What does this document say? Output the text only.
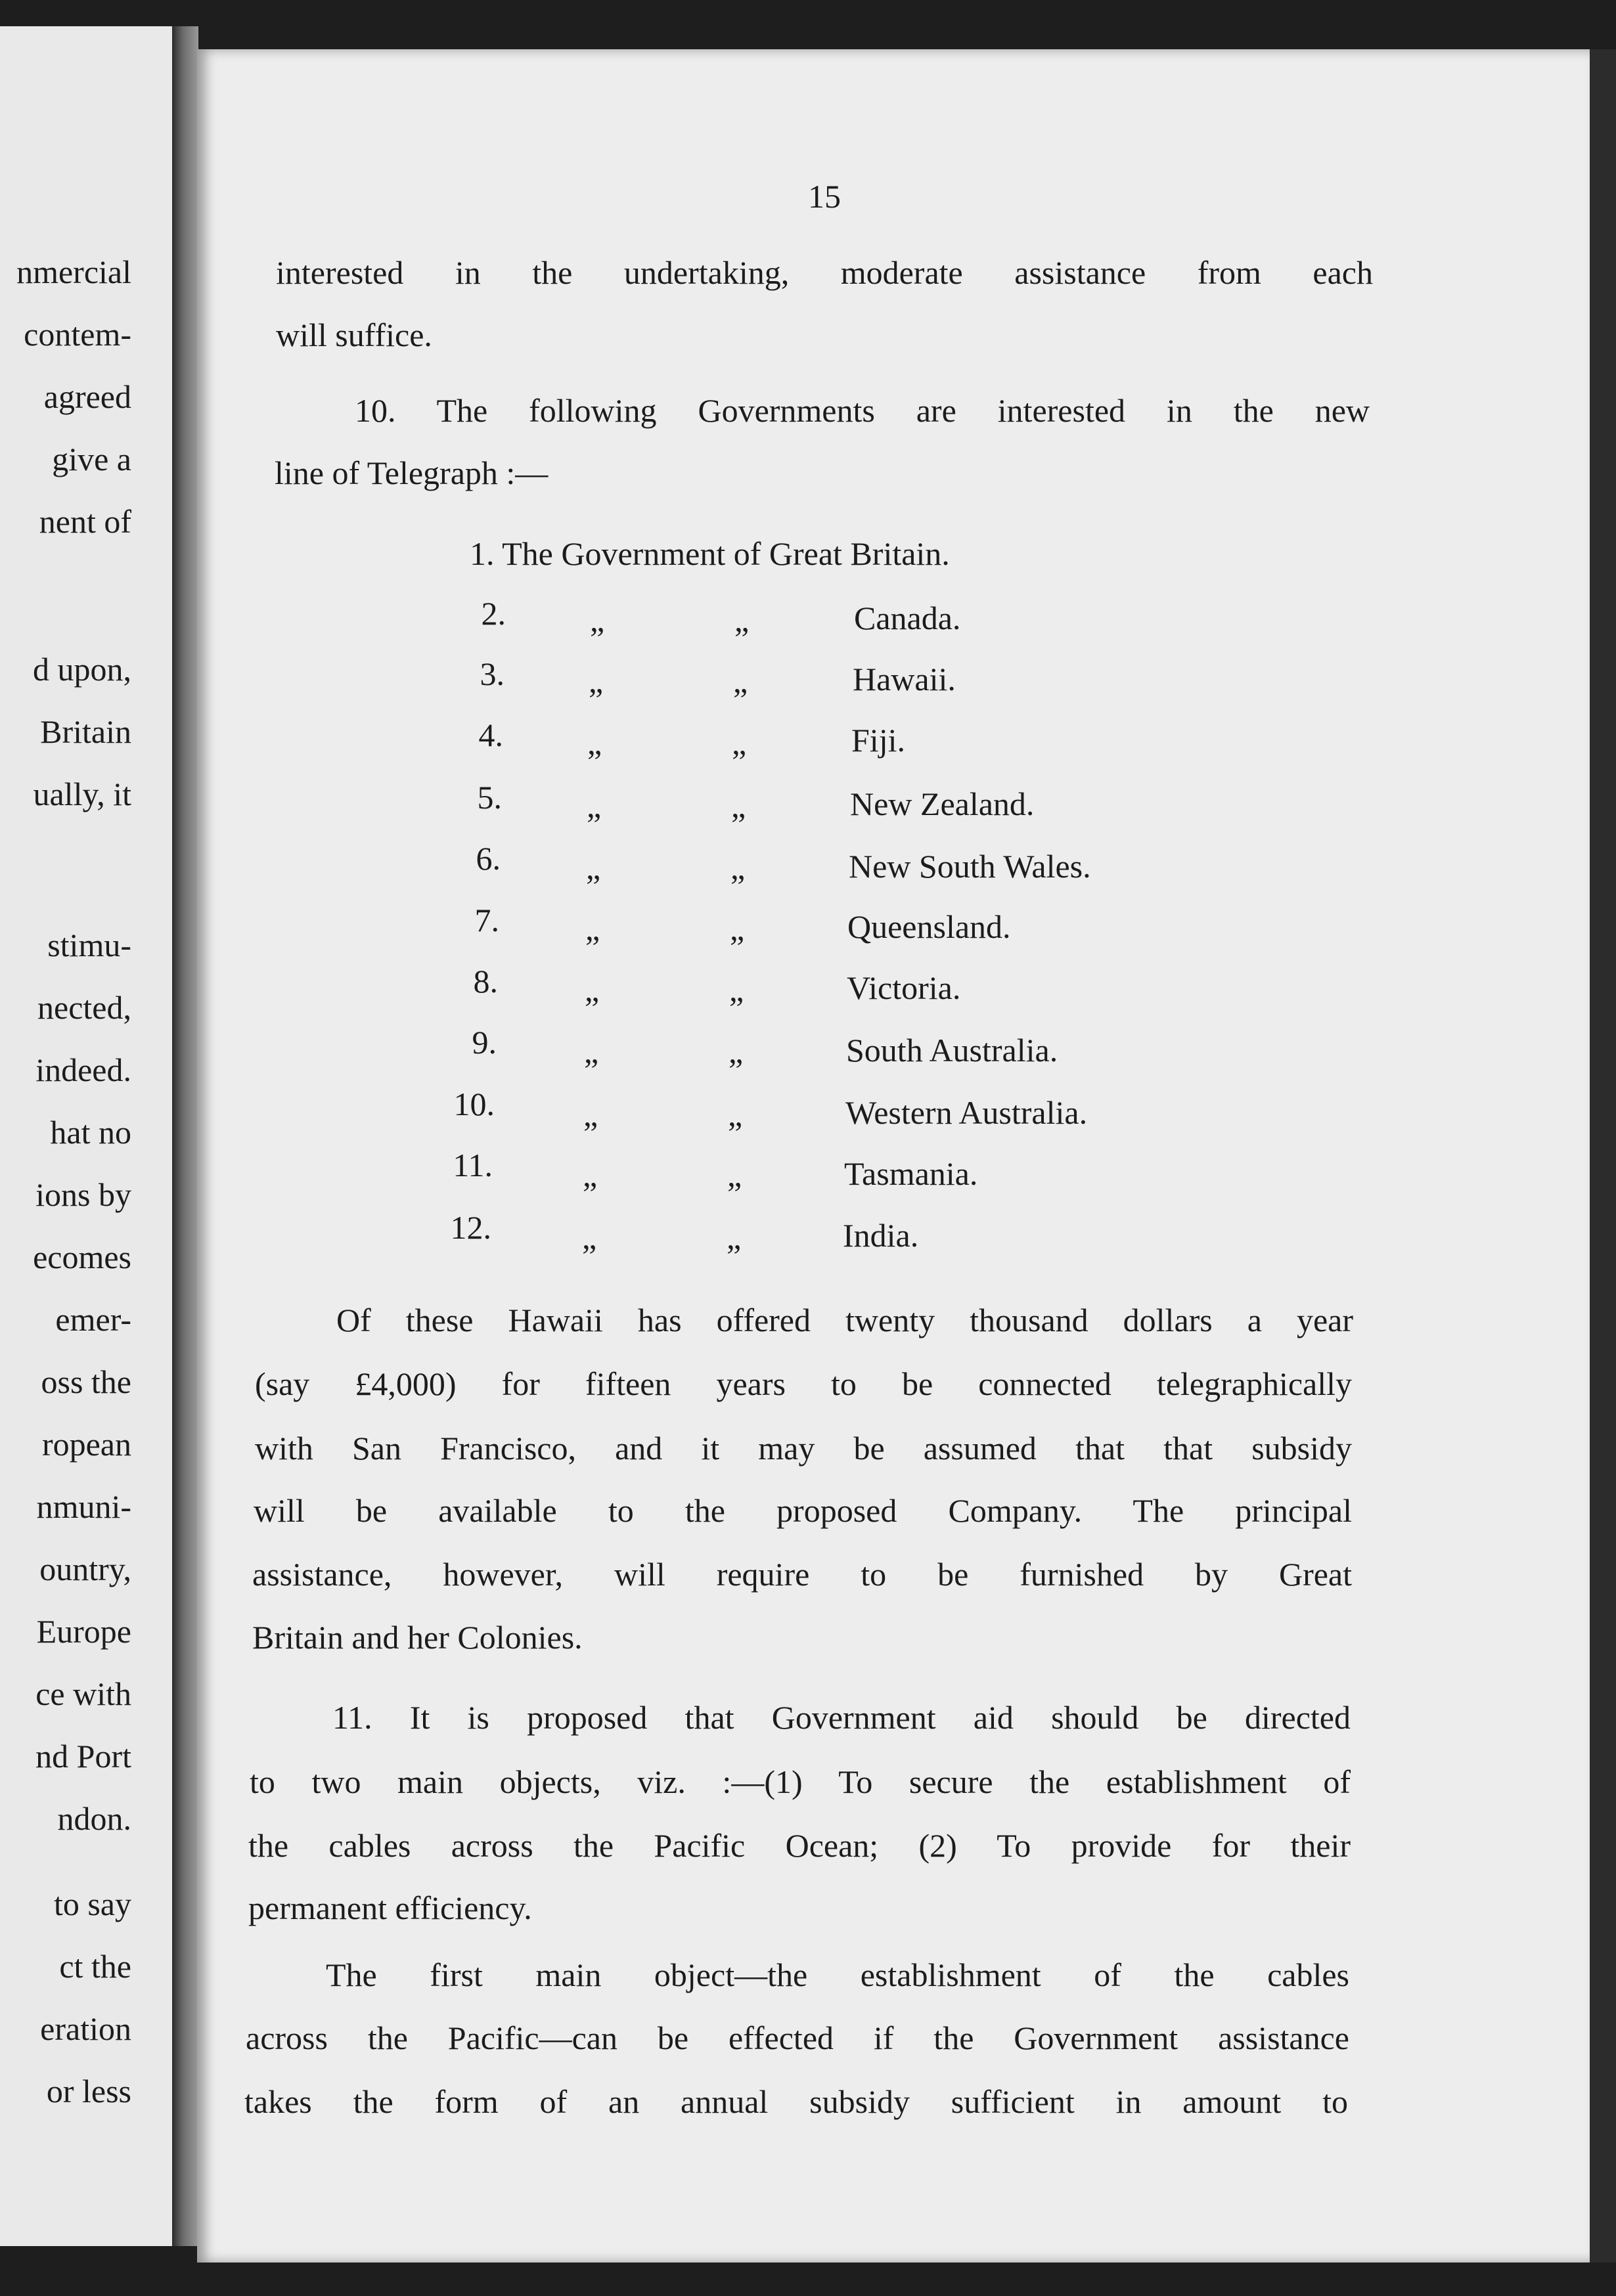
nmercial
contem-
agreed
give a
nent of
d upon,
Britain
ually, it
stimu-
nected,
indeed.
hat no
ions by
ecomes
emer-
oss the
ropean
nmuni-
ountry,
Europe
ce with
nd Port
ndon.
to say
ct the
eration
or less
15
interested in the undertaking, moderate assistance from each
will suffice.
10. The following Governments are interested in the new
line of Telegraph :—
1. The Government of Great Britain.
2.	„	„	Canada.
3.	„	„	Hawaii.
4.	„	„	Fiji.
5.	„	„	New Zealand.
6.	„	„	New South Wales.
7.	„	„	Queensland.
8.	„	„	Victoria.
9.	„	„	South Australia.
10.	„	„	Western Australia.
11.	„	„	Tasmania.
12.	„	„	India.
Of these Hawaii has offered twenty thousand dollars a year
(say £4,000) for fifteen years to be connected telegraphically
with San Francisco, and it may be assumed that that subsidy
will be available to the proposed Company. The principal
assistance, however, will require to be furnished by Great
Britain and her Colonies.
11. It is proposed that Government aid should be directed
to two main objects, viz. :—(1) To secure the establishment of
the cables across the Pacific Ocean; (2) To provide for their
permanent efficiency.
The first main object—the establishment of the cables
across the Pacific—can be effected if the Government assistance
takes the form of an annual subsidy sufficient in amount to
